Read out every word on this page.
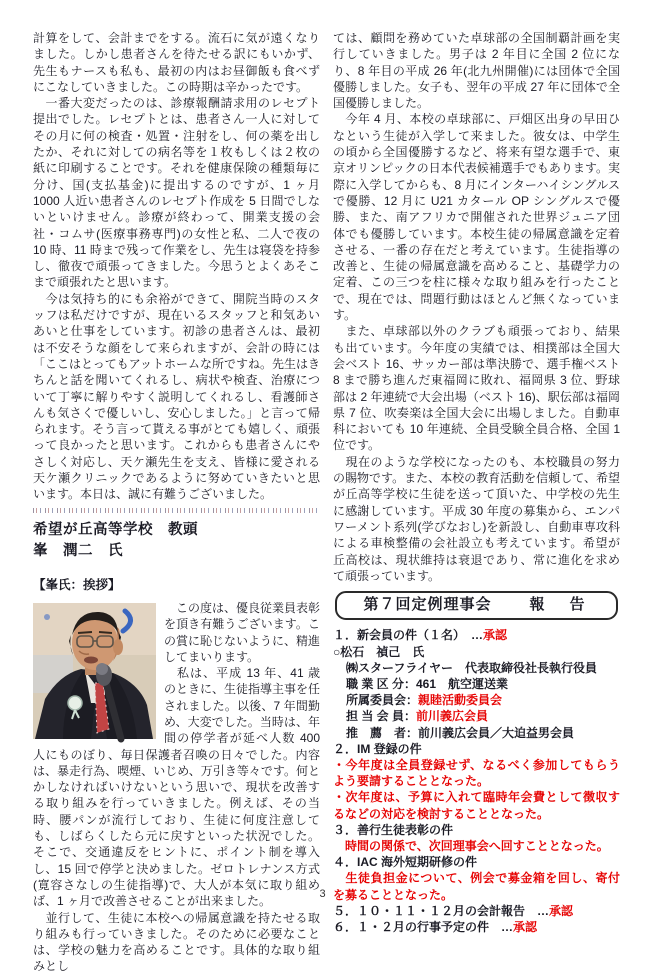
計算をして、会計までをする。流石に気が遠くなりました。しかし患者さんを待たせる訳にもいかず、先生もナースも私も、最初の内はお昼御飯も食べずにこなしていきました。この時期は辛かったです。

　一番大変だったのは、診療報酬請求用のレセプト提出でした。レセプトとは、患者さん一人に対してその月に何の検査・処置・注射をし、何の薬を出したか、それに対しての病名等を１枚もしくは２枚の紙に印刷することです。それを健康保険の種類毎に分け、国(支払基金)に提出するのですが、1 ヶ月 1000 人近い患者さんのレセプト作成を 5 日間でしないといけません。診療が終わって、開業支援の会社・コムサ(医療事務専門)の女性と私、二人で夜の 10 時、11 時まで残って作業をし、先生は寝袋を持参し、徹夜で頑張ってきました。今思うとよくあそこまで頑張れたと思います。

　今は気持ち的にも余裕ができて、開院当時のスタッフは私だけですが、現在いるスタッフと和気あいあいと仕事をしています。初診の患者さんは、最初は不安そうな顔をして来られますが、会計の時には「ここはとってもアットホームな所ですね。先生はきちんと話を聞いてくれるし、病状や検査、治療について丁寧に解りやすく説明してくれるし、看護師さんも気さくで優しいし、安心しました。」と言って帰られます。そう言って貰える事がとても嬉しく、頑張って良かったと思います。これからも患者さんにやさしく対応し、天ケ瀬先生を支え、皆様に愛される天ケ瀬クリニックであるように努めていきたいと思います。本日は、誠に有難うございました。

希望が丘高等学校　教頭
峯　潤二　氏
【峯氏：挨拶】

　この度は、優良従業員表彰を頂き有難うございます。この賞に恥じないように、精進してまいります。

　私は、平成 13 年、41 歳のときに、生徒指導主事を任されました。以後、7 年間勤め、大変でした。当時は、年間の停学者が延べ人数 400 人にものぼり、毎日保護者召喚の日々でした。内容は、暴走行為、喫煙、いじめ、万引き等々です。何とかしなければいけないという思いで、現状を改善する取り組みを行っていきました。例えば、その当時、腰パンが流行しており、生徒に何度注意しても、しばらくしたら元に戻すといった状況でした。そこで、交通違反をヒントに、ポイント制を導入し、15 回で停学と決めました。ゼロトレナンス方式(寛容さなしの生徒指導)で、大人が本気に取り組めば、1 ヶ月で改善させることが出来ました。

　並行して、生徒に本校への帰属意識を持たせる取り組みも行っていきました。そのために必要なことは、学校の魅力を高めることです。具体的な取り組みとし

ては、顧問を務めていた卓球部の全国制覇計画を実行していきました。男子は 2 年目に全国 2 位になり、8 年目の平成 26 年(北九州開催)には団体で全国優勝しました。女子も、翌年の平成 27 年に団体で全国優勝しました。

　今年 4 月、本校の卓球部に、戸畑区出身の早田ひなという生徒が入学して来ました。彼女は、中学生の頃から全国優勝するなど、将来有望な選手で、東京オリンピックの日本代表候補選手でもあります。実際に入学してからも、8 月にインターハイシングルスで優勝、12 月に U21 カタール OP シングルスで優勝、また、南アフリカで開催された世界ジュニア団体でも優勝しています。本校生徒の帰属意識を定着させる、一番の存在だと考えています。生徒指導の改善と、生徒の帰属意識を高めること、基礎学力の定着、この三つを柱に様々な取り組みを行ったことで、現在では、問題行動はほとんど無くなっています。

　また、卓球部以外のクラブも頑張っており、結果も出ています。今年度の実績では、相撲部は全国大会ベスト 16、サッカー部は準決勝で、選手権ベスト 8 まで勝ち進んだ東福岡に敗れ、福岡県 3 位、野球部は 2 年連続で大会出場（ベスト 16)、駅伝部は福岡県 7 位、吹奏楽は全国大会に出場しました。自動車科においても 10 年連続、全員受験全員合格、全国 1 位です。

　現在のような学校になったのも、本校職員の努力の賜物です。また、本校の教育活動を信頼して、希望が丘高等学校に生徒を送って頂いた、中学校の先生に感謝しています。平成 30 年度の募集から、エンパワーメント系列(学びなおし)を新設し、自動車専攻科による車検整備の会社設立も考えています。希望が丘高校は、現状維持は衰退であり、常に進化を求めて頑張っています。

第７回定例理事会	報　告
１．新会員の件（１名）　…承認
○松石　禎己　氏
㈱スターフライヤー　代表取締役社長執行役員
職 業 区 分：461　航空運送業
所属委員会：親睦活動委員会
担 当 会 員：前川義広会員
推　薦　者：前川義広会員／大迫益男会員
２．IM 登録の件
・今年度は全員登録せず、なるべく参加してもらうよう要請することとなった。
・次年度は、予算に入れて臨時年会費として徴収するなどの対応を検討することとなった。
３．善行生徒表彰の件
　時間の関係で、次回理事会へ回すこととなった。
４．IAC 海外短期研修の件
　生徒負担金について、例会で募金箱を回し、寄付を募ることとなった。
５．１０・１１・１２月の会計報告　…承認
６．１・２月の行事予定の件　…承認
3
